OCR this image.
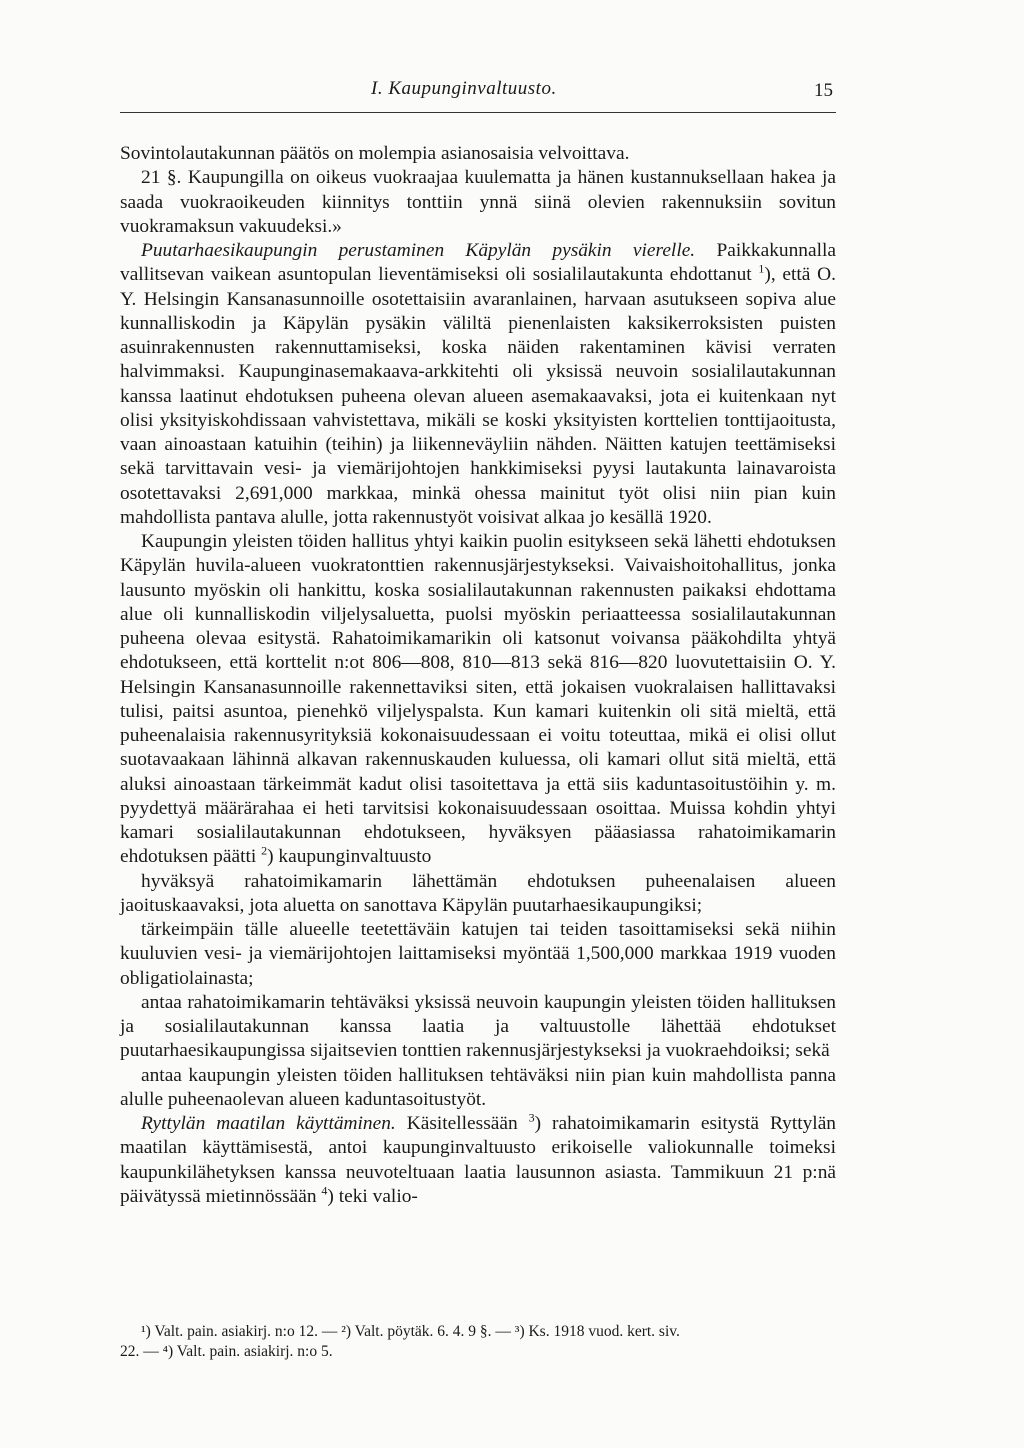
I. Kaupunginvaltuusto.	15

Sovintolautakunnan päätös on molempia asianosaisia velvoittava.

21 §. Kaupungilla on oikeus vuokraajaa kuulematta ja hänen kustannuksellaan hakea ja saada vuokraoikeuden kiinnitys tonttiin ynnä siinä olevien rakennuksiin sovitun vuokramaksun vakuudeksi.»

Puutarhaesikaupungin perustaminen Käpylän pysäkin vierelle. Paikkakunnalla vallitsevan vaikean asuntopulan lieventämiseksi oli sosialilautakunta ehdottanut $^1$), että O. Y. Helsingin Kansanasunnoille osotettaisiin avaranlainen, harvaan asutukseen sopiva alue kunnalliskodin ja Käpylän pysäkin väliltä pienenlaisten kaksikerroksisten puisten asuinrakennusten rakennuttamiseksi, koska näiden rakentaminen kävisi verraten halvimmaksi. Kaupunginasemakaava-arkkitehti oli yksissä neuvoin sosialilautakunnan kanssa laatinut ehdotuksen puheena olevan alueen asemakaavaksi, jota ei kuitenkaan nyt olisi yksityiskohdissaan vahvistettava, mikäli se koski yksityisten korttelien tonttijaoitusta, vaan ainoastaan katuihin (teihin) ja liikenneväyliin nähden. Näitten katujen teettämiseksi sekä tarvittavain vesi- ja viemärijohtojen hankkimiseksi pyysi lautakunta lainavaroista osotettavaksi 2,691,000 markkaa, minkä ohessa mainitut työt olisi niin pian kuin mahdollista pantava alulle, jotta rakennustyöt voisivat alkaa jo kesällä 1920.

Kaupungin yleisten töiden hallitus yhtyi kaikin puolin esitykseen sekä lähetti ehdotuksen Käpylän huvila-alueen vuokratonttien rakennusjärjestykseksi. Vaivaishoitohallitus, jonka lausunto myöskin oli hankittu, koska sosialilautakunnan rakennusten paikaksi ehdottama alue oli kunnalliskodin viljelysaluetta, puolsi myöskin periaatteessa sosialilautakunnan puheena olevaa esitystä. Rahatoimikamarikin oli katsonut voivansa pääkohdilta yhtyä ehdotukseen, että korttelit n:ot 806—808, 810—813 sekä 816—820 luovutettaisiin O. Y. Helsingin Kansanasunnoille rakennettaviksi siten, että jokaisen vuokralaisen hallittavaksi tulisi, paitsi asuntoa, pienehkö viljelyspalsta. Kun kamari kuitenkin oli sitä mieltä, että puheenalaisia rakennusyrityksiä kokonaisuudessaan ei voitu toteuttaa, mikä ei olisi ollut suotavaakaan lähinnä alkavan rakennuskauden kuluessa, oli kamari ollut sitä mieltä, että aluksi ainoastaan tärkeimmät kadut olisi tasoitettava ja että siis kaduntasoitustöihin y. m. pyydettyä määrärahaa ei heti tarvitsisi kokonaisuudessaan osoittaa. Muissa kohdin yhtyi kamari sosialilautakunnan ehdotukseen, hyväksyen pääasiassa rahatoimikamarin ehdotuksen päätti $^2$) kaupunginvaltuusto

hyväksyä rahatoimikamarin lähettämän ehdotuksen puheenalaisen alueen jaoituskaavaksi, jota aluetta on sanottava Käpylän puutarhaesikaupungiksi;

tärkeimpäin tälle alueelle teetettäväin katujen tai teiden tasoittamiseksi sekä niihin kuuluvien vesi- ja viemärijohtojen laittamiseksi myöntää 1,500,000 markkaa 1919 vuoden obligatiolainasta;

antaa rahatoimikamarin tehtäväksi yksissä neuvoin kaupungin yleisten töiden hallituksen ja sosialilautakunnan kanssa laatia ja valtuustolle lähettää ehdotukset puutarhaesikaupungissa sijaitsevien tonttien rakennusjärjestykseksi ja vuokraehdoiksi; sekä

antaa kaupungin yleisten töiden hallituksen tehtäväksi niin pian kuin mahdollista panna alulle puheenaolevan alueen kaduntasoitustyöt.

Ryttylän maatilan käyttäminen. Käsitellessään $^3$) rahatoimikamarin esitystä Ryttylän maatilan käyttämisestä, antoi kaupunginvaltuusto erikoiselle valiokunnalle toimeksi kaupunkilähetyksen kanssa neuvoteltuaan laatia lausunnon asiasta. Tammikuun 21 p:nä päivätyssä mietinnössään $^4$) teki valio-

¹) Valt. pain. asiakirj. n:o 12. — ²) Valt. pöytäk. 6. 4. 9 §. — ³) Ks. 1918 vuod. kert. siv.

22. — ⁴) Valt. pain. asiakirj. n:o 5.
